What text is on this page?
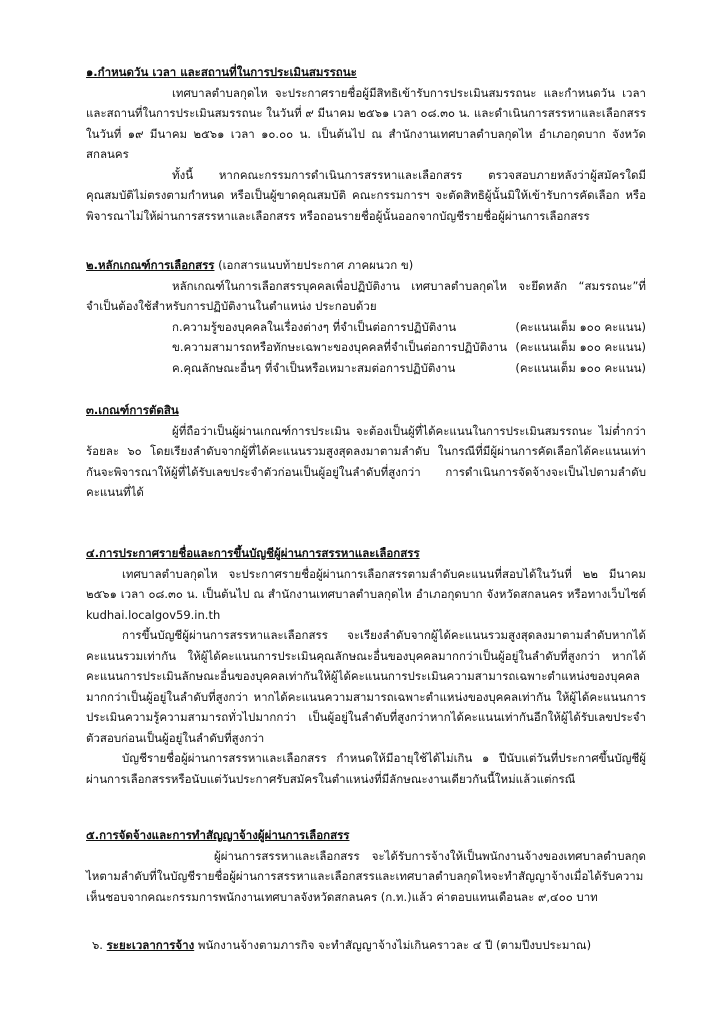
๑.กำหนดวัน เวลา และสถานที่ในการประเมินสมรรถนะ

เทศบาลตำบลกุดไห จะประกาศรายชื่อผู้มีสิทธิเข้ารับการประเมินสมรรถนะ และกำหนดวัน เวลา และสถานที่ในการประเมินสมรรถนะ ในวันที่ ๙ มีนาคม ๒๕๖๑ เวลา ๐๘.๓๐ น. และดำเนินการสรรหาและเลือกสรร ในวันที่ ๑๙ มีนาคม ๒๕๖๑ เวลา ๑๐.๐๐ น. เป็นต้นไป ณ สำนักงานเทศบาลตำบลกุดไห อำเภอกุดบาก จังหวัดสกลนคร

ทั้งนี้ หากคณะกรรมการดำเนินการสรรหาและเลือกสรร ตรวจสอบภายหลังว่าผู้สมัครใดมีคุณสมบัติไม่ตรงตามกำหนด หรือเป็นผู้ขาดคุณสมบัติ คณะกรรมการฯ จะตัดสิทธิผู้นั้นมิให้เข้ารับการคัดเลือก หรือพิจารณาไม่ให้ผ่านการสรรหาและเลือกสรร หรือถอนรายชื่อผู้นั้นออกจากบัญชีรายชื่อผู้ผ่านการเลือกสรร

๒.หลักเกณฑ์การเลือกสรร (เอกสารแนบท้ายประกาศ ภาคผนวก ข)

หลักเกณฑ์ในการเลือกสรรบุคคลเพื่อปฏิบัติงาน เทศบาลตำบลกุดไห จะยึดหลัก “สมรรถนะ”ที่จำเป็นต้องใช้สำหรับการปฏิบัติงานในตำแหน่ง ประกอบด้วย

ก.ความรู้ของบุคคลในเรื่องต่างๆ ที่จำเป็นต่อการปฏิบัติงาน	(คะแนนเต็ม ๑๐๐ คะแนน)
ข.ความสามารถหรือทักษะเฉพาะของบุคคลที่จำเป็นต่อการปฏิบัติงาน (คะแนนเต็ม ๑๐๐ คะแนน)
ค.คุณลักษณะอื่นๆ ที่จำเป็นหรือเหมาะสมต่อการปฏิบัติงาน	(คะแนนเต็ม ๑๐๐ คะแนน)
๓.เกณฑ์การตัดสิน

ผู้ที่ถือว่าเป็นผู้ผ่านเกณฑ์การประเมิน จะต้องเป็นผู้ที่ได้คะแนนในการประเมินสมรรถนะ ไม่ต่ำกว่าร้อยละ ๖๐ โดยเรียงลำดับจากผู้ที่ได้คะแนนรวมสูงสุดลงมาตามลำดับ ในกรณีที่มีผู้ผ่านการคัดเลือกได้คะแนนเท่ากันจะพิจารณาให้ผู้ที่ได้รับเลขประจำตัวก่อนเป็นผู้อยู่ในลำดับที่สูงกว่า การดำเนินการจัดจ้างจะเป็นไปตามลำดับคะแนนที่ได้

๔.การประกาศรายชื่อและการขึ้นบัญชีผู้ผ่านการสรรหาและเลือกสรร

เทศบาลตำบลกุดไห จะประกาศรายชื่อผู้ผ่านการเลือกสรรตามลำดับคะแนนที่สอบได้ในวันที่ ๒๒ มีนาคม ๒๕๖๑ เวลา ๐๘.๓๐ น. เป็นต้นไป ณ สำนักงานเทศบาลตำบลกุดไห อำเภอกุดบาก จังหวัดสกลนคร หรือทางเว็บไซต์ kudhai.localgov59.in.th

การขึ้นบัญชีผู้ผ่านการสรรหาและเลือกสรร จะเรียงลำดับจากผู้ได้คะแนนรวมสูงสุดลงมาตามลำดับหากได้คะแนนรวมเท่ากัน ให้ผู้ได้คะแนนการประเมินคุณลักษณะอื่นของบุคคลมากกว่าเป็นผู้อยู่ในลำดับที่สูงกว่า หากได้คะแนนการประเมินลักษณะอื่นของบุคคลเท่ากันให้ผู้ได้คะแนนการประเมินความสามารถเฉพาะตำแหน่งของบุคคลมากกว่าเป็นผู้อยู่ในลำดับที่สูงกว่า หากได้คะแนนความสามารถเฉพาะตำแหน่งของบุคคลเท่ากัน ให้ผู้ได้คะแนนการประเมินความรู้ความสามารถทั่วไปมากกว่า เป็นผู้อยู่ในลำดับที่สูงกว่าหากได้คะแนนเท่ากันอีกให้ผู้ได้รับเลขประจำตัวสอบก่อนเป็นผู้อยู่ในลำดับที่สูงกว่า

บัญชีรายชื่อผู้ผ่านการสรรหาและเลือกสรร กำหนดให้มีอายุใช้ได้ไม่เกิน ๑ ปีนับแต่วันที่ประกาศขึ้นบัญชีผู้ผ่านการเลือกสรรหรือนับแต่วันประกาศรับสมัครในตำแหน่งที่มีลักษณะงานเดียวกันนี้ใหม่แล้วแต่กรณี

๕.การจัดจ้างและการทำสัญญาจ้างผู้ผ่านการเลือกสรร

ผู้ผ่านการสรรหาและเลือกสรร จะได้รับการจ้างให้เป็นพนักงานจ้างของเทศบาลตำบลกุดไหตามลำดับที่ในบัญชีรายชื่อผู้ผ่านการสรรหาและเลือกสรรและเทศบาลตำบลกุดไหจะทำสัญญาจ้างเมื่อได้รับความเห็นชอบจากคณะกรรมการพนักงานเทศบาลจังหวัดสกลนคร (ก.ท.)แล้ว ค่าตอบแทนเดือนละ ๙,๔๐๐ บาท

๖. ระยะเวลาการจ้าง พนักงานจ้างตามภารกิจ จะทำสัญญาจ้างไม่เกินคราวละ ๔ ปี (ตามปีงบประมาณ)
